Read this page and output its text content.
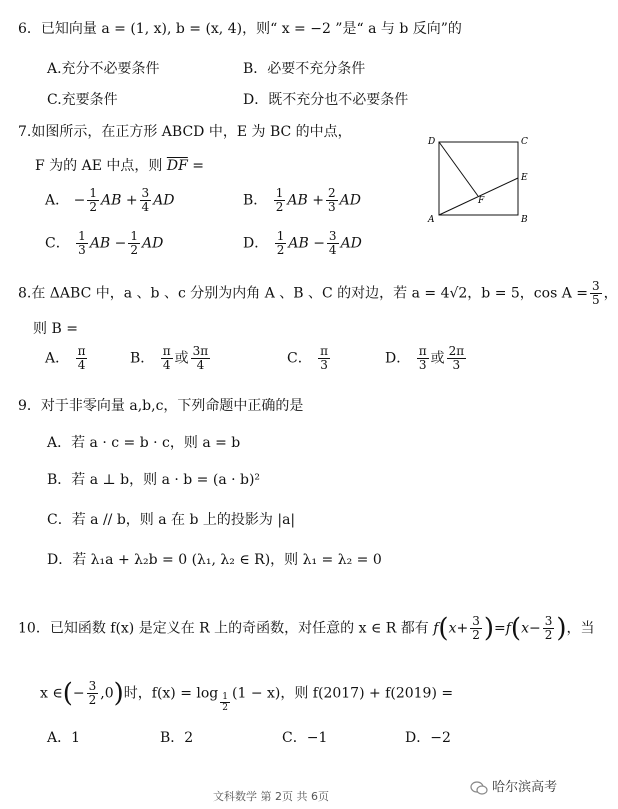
6．已知向量 a = (1, x), b = (x, 4)，则“ x = −2 ”是“ a 与 b 反向”的
A.充分不必要条件	B．必要不充分条件
C.充要条件	D．既不充分也不必要条件
7.如图所示，在正方形 ABCD 中，E 为 BC 的中点，
F 为的 AE 中点，则 $\overline{DF}$ =
A． − $\frac{1}{2}$ AB + $\frac{3}{4}$ AD	B． $\frac{1}{2}$ AB + $\frac{2}{3}$ AD
C． $\frac{1}{3}$ AB − $\frac{1}{2}$ AD	D． $\frac{1}{2}$ AB − $\frac{3}{4}$ AD
D	C
E
F
A	B
8.在 ΔABC 中，a 、b 、c 分别为内角 A 、B 、C 的对边，若 a = 4√2，b = 5，$\cos A = \frac{3}{5}$ ，
则 B =
A． $\frac{\pi}{4}$	B． $\frac{\pi}{4}$ 或 $\frac{3\pi}{4}$	C． $\frac{\pi}{3}$	D． $\frac{\pi}{3}$ 或 $\frac{2\pi}{3}$
9．对于非零向量 a,b,c，下列命题中正确的是
A．若 a · c = b · c，则 a = b
B．若 a ⊥ b，则 a · b = (a · b)²
C．若 a // b，则 a 在 b 上的投影为 |a|
D．若 λ₁a + λ₂b = 0 (λ₁, λ₂ ∈ R)，则 λ₁ = λ₂ = 0
10．已知函数 f(x) 是定义在 R 上的奇函数，对任意的 x ∈ R 都有 $f(x+ \frac{3}{2} )=f(x- \frac{3}{2}$ )，当
x ∈(− $\frac{3}{2} ,0$)时，$f(x) = \log \frac{1}{2} (1 - x)$，则 f(2017) + f(2019) =
A．1	B．2	C．−1	D．−2
文科数学 第 2页 共 6页
哈尔滨高考
